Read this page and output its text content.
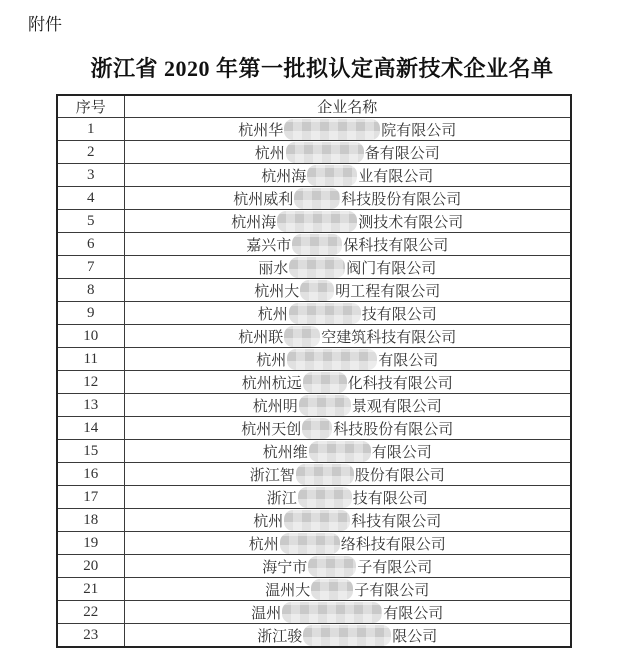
附件
浙江省 2020 年第一批拟认定高新技术企业名单
序号	企业名称
1	杭州华 院有限公司
2	杭州 备有限公司
3	杭州海 业有限公司
4	杭州威利 科技股份有限公司
5	杭州海 测技术有限公司
6	嘉兴市 保科技有限公司
7	丽水 阀门有限公司
8	杭州大 明工程有限公司
9	杭州 技有限公司
10	杭州联 空建筑科技有限公司
11	杭州 有限公司
12	杭州杭远 化科技有限公司
13	杭州明 景观有限公司
14	杭州天创 科技股份有限公司
15	杭州维 有限公司
16	浙江智 股份有限公司
17	浙江 技有限公司
18	杭州 科技有限公司
19	杭州 络科技有限公司
20	海宁市 子有限公司
21	温州大 子有限公司
22	温州 有限公司
23	浙江骏 限公司
